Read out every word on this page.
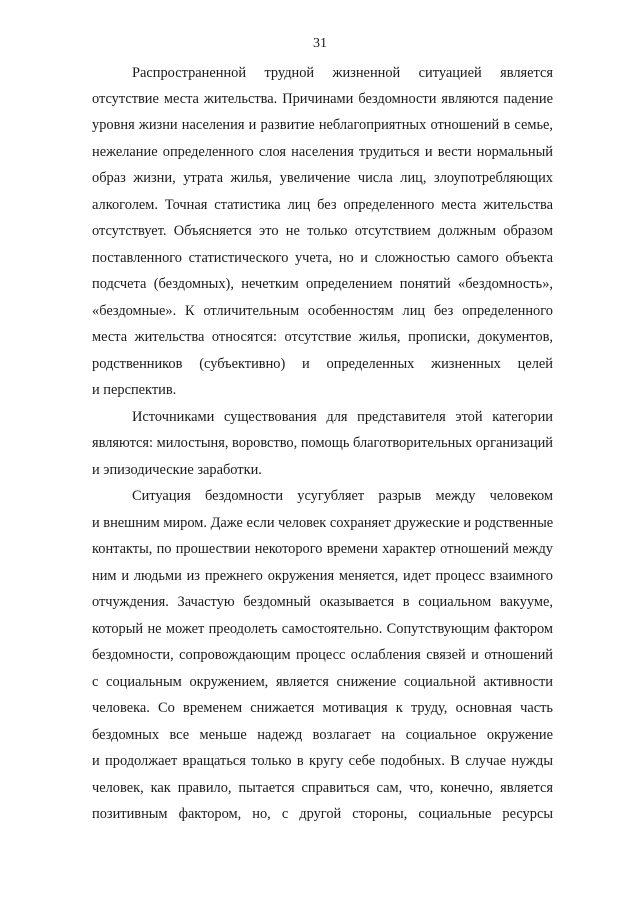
31
Распространенной трудной жизненной ситуацией является
отсутствие места жительства. Причинами бездомности являются падение
уровня жизни населения и развитие неблагоприятных отношений в семье,
нежелание определенного слоя населения трудиться и вести нормальный
образ жизни, утрата жилья, увеличение числа лиц, злоупотребляющих
алкоголем. Точная статистика лиц без определенного места жительства
отсутствует. Объясняется это не только отсутствием должным образом
поставленного статистического учета, но и сложностью самого объекта
подсчета (бездомных), нечетким определением понятий «бездомность»,
«бездомные». К отличительным особенностям лиц без определенного
места жительства относятся: отсутствие жилья, прописки, документов,
родственников (субъективно) и определенных жизненных целей
и перспектив.
Источниками существования для представителя этой категории
являются: милостыня, воровство, помощь благотворительных организаций
и эпизодические заработки.
Ситуация бездомности усугубляет разрыв между человеком
и внешним миром. Даже если человек сохраняет дружеские и родственные
контакты, по прошествии некоторого времени характер отношений между
ним и людьми из прежнего окружения меняется, идет процесс взаимного
отчуждения. Зачастую бездомный оказывается в социальном вакууме,
который не может преодолеть самостоятельно. Сопутствующим фактором
бездомности, сопровождающим процесс ослабления связей и отношений
с социальным окружением, является снижение социальной активности
человека. Со временем снижается мотивация к труду, основная часть
бездомных все меньше надежд возлагает на социальное окружение
и продолжает вращаться только в кругу себе подобных. В случае нужды
человек, как правило, пытается справиться сам, что, конечно, является
позитивным фактором, но, с другой стороны, социальные ресурсы
